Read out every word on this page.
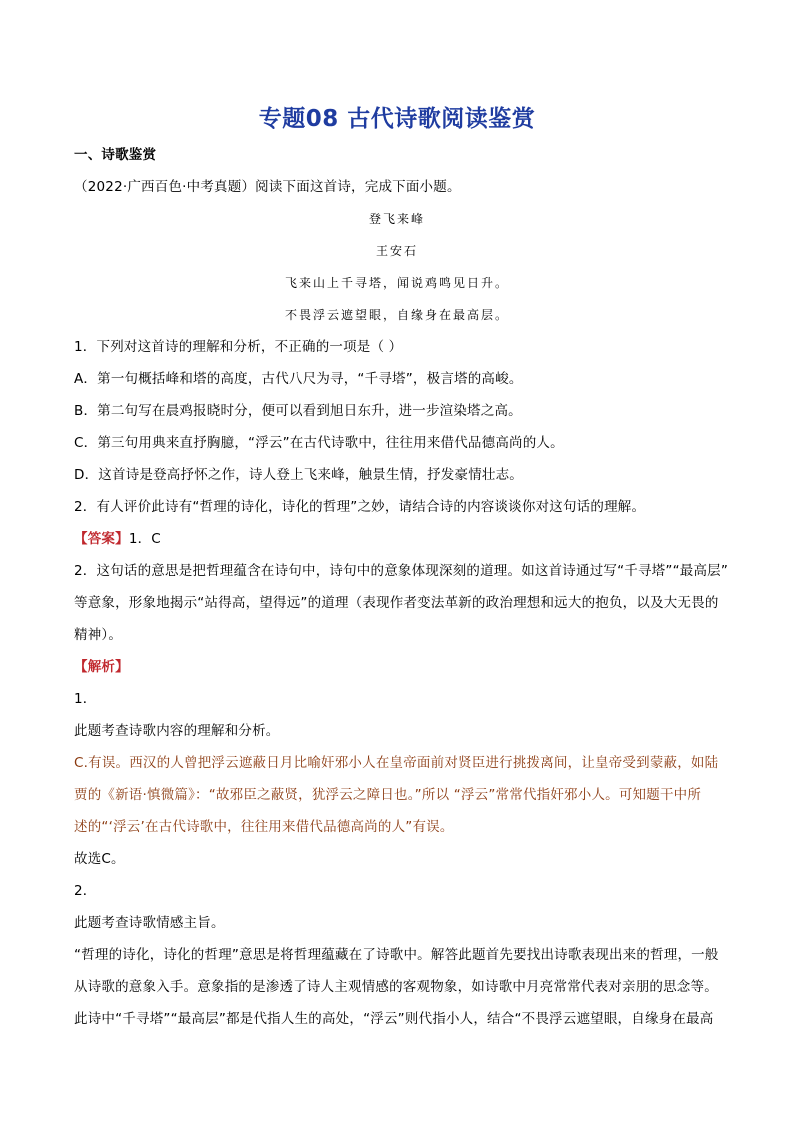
专题08 古代诗歌阅读鉴赏
一、诗歌鉴赏
（2022·广西百色·中考真题）阅读下面这首诗，完成下面小题。
登飞来峰
王安石
飞来山上千寻塔，闻说鸡鸣见日升。
不畏浮云遮望眼，自缘身在最高层。
1．下列对这首诗的理解和分析，不正确的一项是（ ）
A．第一句概括峰和塔的高度，古代八尺为寻，“千寻塔”，极言塔的高峻。
B．第二句写在晨鸡报晓时分，便可以看到旭日东升，进一步渲染塔之高。
C．第三句用典来直抒胸臆，“浮云”在古代诗歌中，往往用来借代品德高尚的人。
D．这首诗是登高抒怀之作，诗人登上飞来峰，触景生情，抒发豪情壮志。
2．有人评价此诗有“哲理的诗化，诗化的哲理”之妙，请结合诗的内容谈谈你对这句话的理解。
【答案】1．C
2．这句话的意思是把哲理蕴含在诗句中，诗句中的意象体现深刻的道理。如这首诗通过写“千寻塔”“最高层”
等意象，形象地揭示“站得高，望得远”的道理（表现作者变法革新的政治理想和远大的抱负，以及大无畏的
精神）。
【解析】
1．
此题考查诗歌内容的理解和分析。
C.有误。西汉的人曾把浮云遮蔽日月比喻奸邪小人在皇帝面前对贤臣进行挑拨离间，让皇帝受到蒙蔽，如陆
贾的《新语·慎微篇》：“故邪臣之蔽贤，犹浮云之障日也。”所以 “浮云”常常代指奸邪小人。可知题干中所
述的“‘浮云’在古代诗歌中，往往用来借代品德高尚的人”有误。
故选C。
2．
此题考查诗歌情感主旨。
“哲理的诗化，诗化的哲理”意思是将哲理蕴藏在了诗歌中。解答此题首先要找出诗歌表现出来的哲理，一般
从诗歌的意象入手。意象指的是渗透了诗人主观情感的客观物象，如诗歌中月亮常常代表对亲朋的思念等。
此诗中“千寻塔”“最高层”都是代指人生的高处，“浮云”则代指小人，结合“不畏浮云遮望眼，自缘身在最高
